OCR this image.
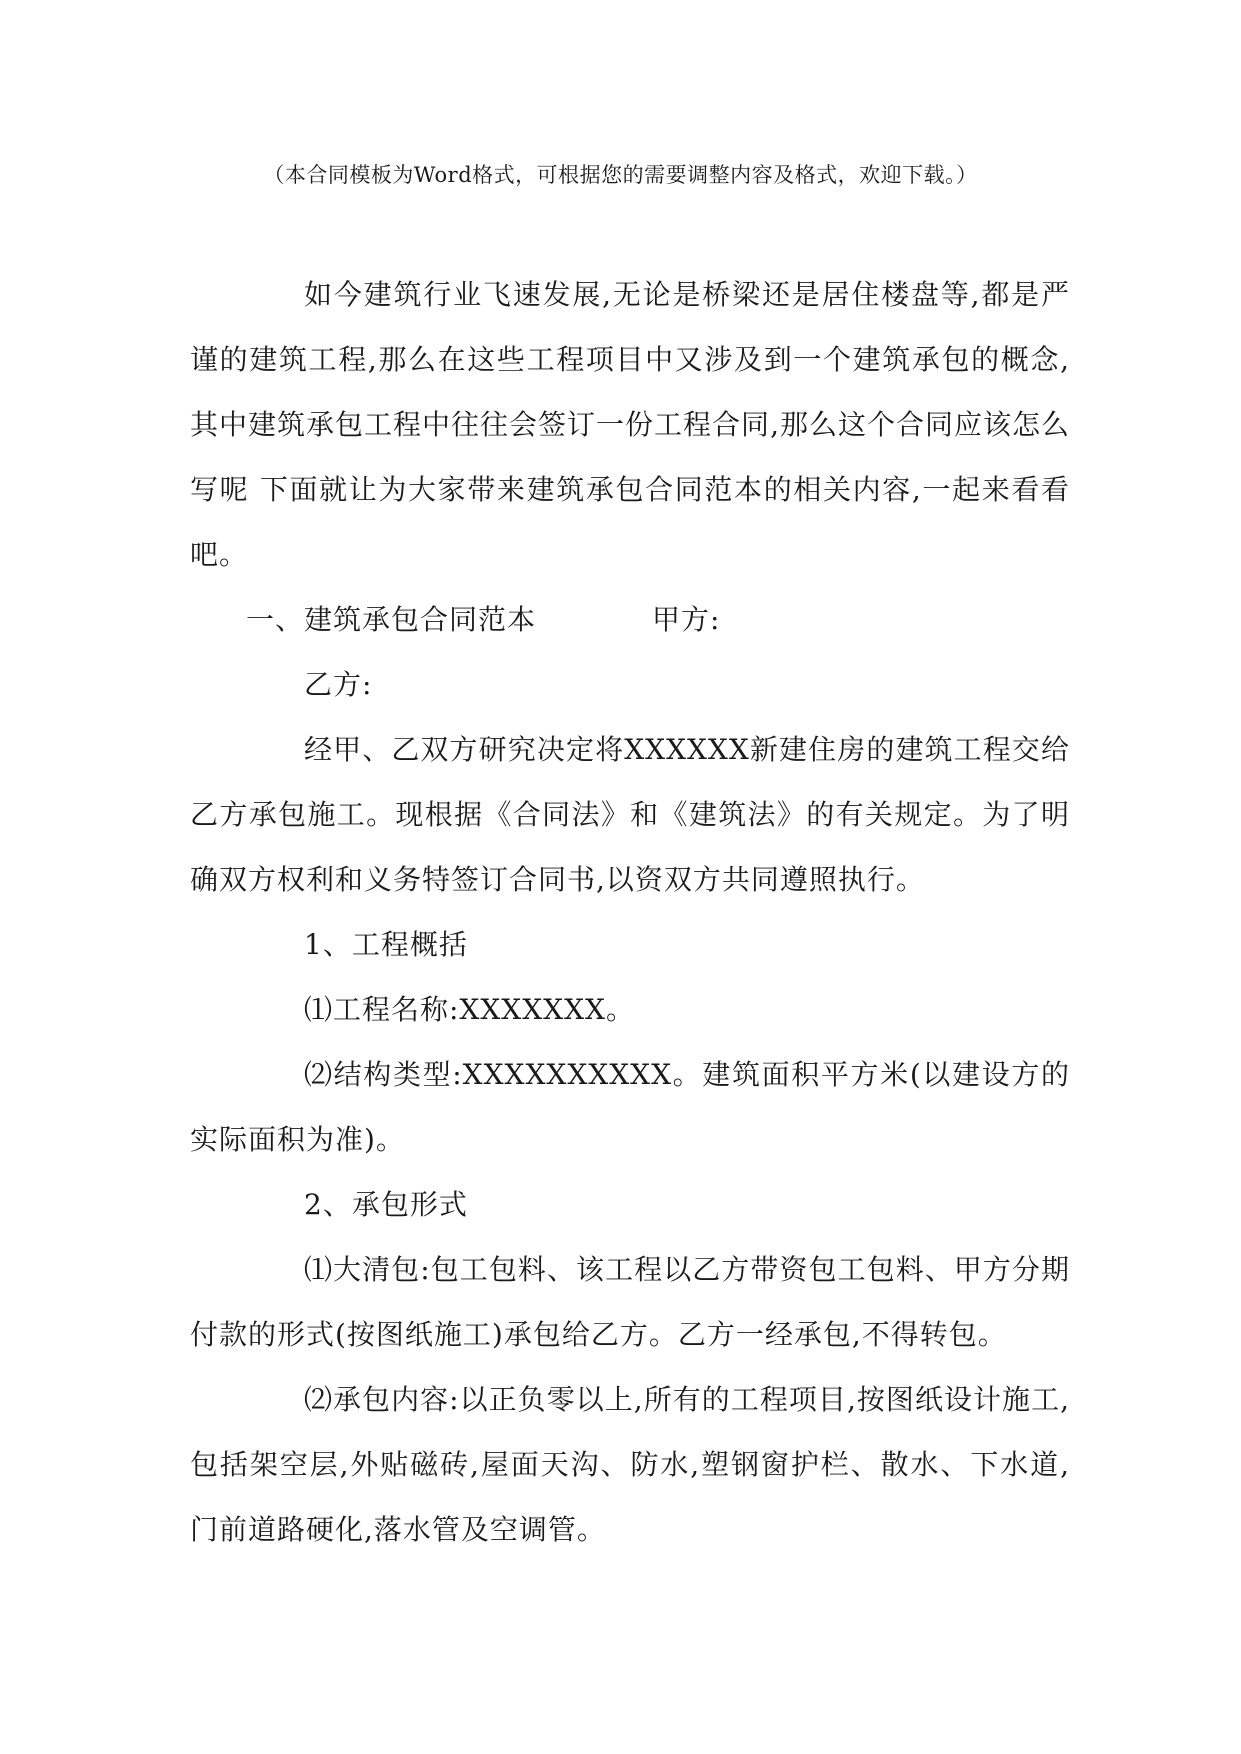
（本合同模板为Word格式，可根据您的需要调整内容及格式，欢迎下载。）

如今建筑行业飞速发展,无论是桥梁还是居住楼盘等,都是严谨的建筑工程,那么在这些工程项目中又涉及到一个建筑承包的概念,其中建筑承包工程中往往会签订一份工程合同,那么这个合同应该怎么写呢 下面就让为大家带来建筑承包合同范本的相关内容,一起来看看吧。

一、建筑承包合同范本	甲方:

乙方:

经甲、乙双方研究决定将XXXXXX新建住房的建筑工程交给乙方承包施工。现根据《合同法》和《建筑法》的有关规定。为了明确双方权利和义务特签订合同书,以资双方共同遵照执行。

1、工程概括

⑴工程名称:XXXXXXX。

⑵结构类型:XXXXXXXXXX。建筑面积平方米(以建设方的实际面积为准)。

2、承包形式

⑴大清包:包工包料、该工程以乙方带资包工包料、甲方分期付款的形式(按图纸施工)承包给乙方。乙方一经承包,不得转包。

⑵承包内容:以正负零以上,所有的工程项目,按图纸设计施工,包括架空层,外贴磁砖,屋面天沟、防水,塑钢窗护栏、散水、下水道,门前道路硬化,落水管及空调管。
